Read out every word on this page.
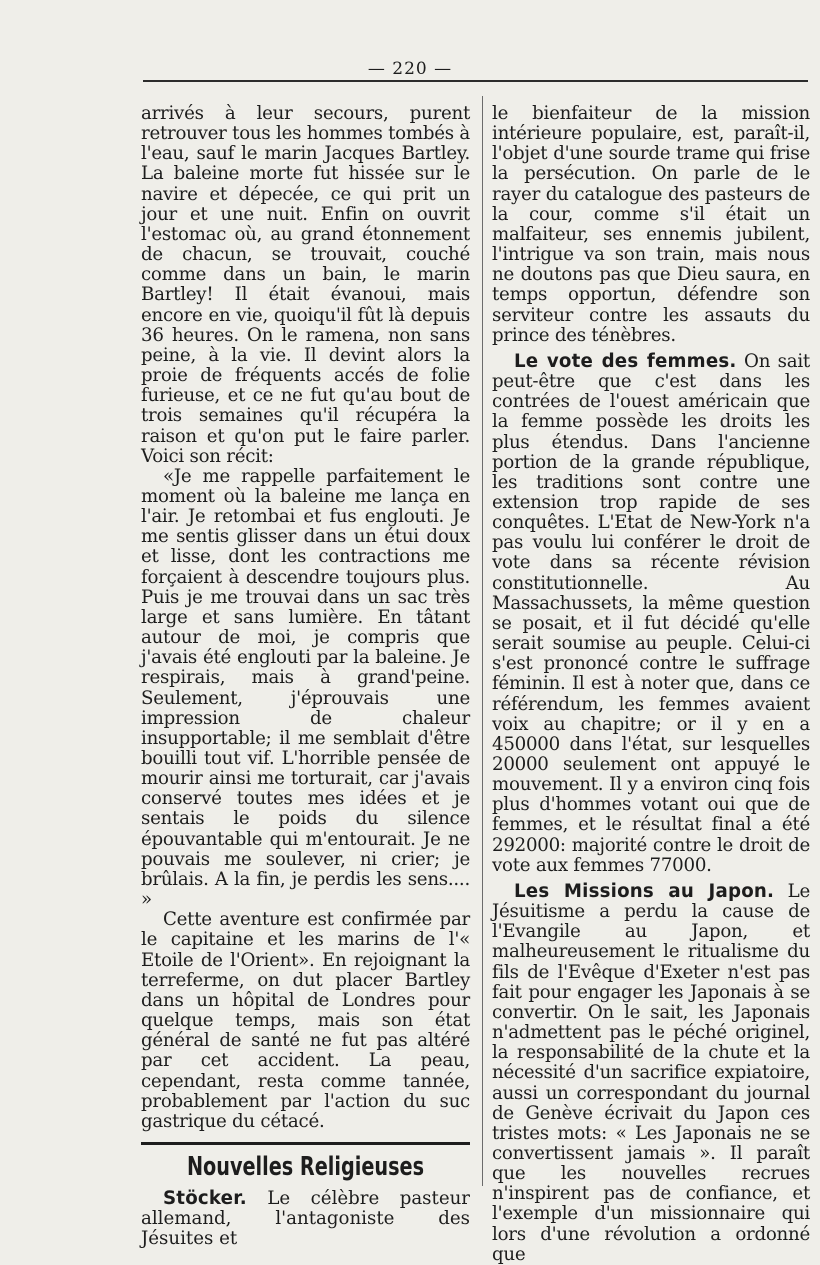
— 220 —

arrivés à leur secours, purent retrouver tous les hommes tombés à l'eau, sauf le marin Jacques Bartley. La baleine morte fut hissée sur le navire et dépecée, ce qui prit un jour et une nuit. Enfin on ouvrit l'estomac où, au grand étonnement de chacun, se trouvait, couché comme dans un bain, le marin Bartley! Il était évanoui, mais encore en vie, quoiqu'il fût là depuis 36 heures. On le ramena, non sans peine, à la vie. Il devint alors la proie de fréquents accés de folie furieuse, et ce ne fut qu'au bout de trois semaines qu'il récupéra la raison et qu'on put le faire parler. Voici son récit:

«Je me rappelle parfaitement le moment où la baleine me lança en l'air. Je retombai et fus englouti. Je me sentis glisser dans un étui doux et lisse, dont les contractions me forçaient à descendre toujours plus. Puis je me trouvai dans un sac très large et sans lumière. En tâtant autour de moi, je compris que j'avais été englouti par la baleine. Je respirais, mais à grand'peine. Seulement, j'éprouvais une impression de chaleur insupportable; il me semblait d'être bouilli tout vif. L'horrible pensée de mourir ainsi me torturait, car j'avais conservé toutes mes idées et je sentais le poids du silence épouvantable qui m'entourait. Je ne pouvais me soulever, ni crier; je brûlais. A la fin, je perdis les sens.... »

Cette aventure est confirmée par le capitaine et les marins de l'« Etoile de l'Orient». En rejoignant la terreferme, on dut placer Bartley dans un hôpital de Londres pour quelque temps, mais son état général de santé ne fut pas altéré par cet accident. La peau, cependant, resta comme tannée, probablement par l'action du suc gastrique du cétacé.

Nouvelles Religieuses

Stöcker. Le célèbre pasteur allemand, l'antagoniste des Jésuites et

le bienfaiteur de la mission intérieure populaire, est, paraît-il, l'objet d'une sourde trame qui frise la persécution. On parle de le rayer du catalogue des pasteurs de la cour, comme s'il était un malfaiteur, ses ennemis jubilent, l'intrigue va son train, mais nous ne doutons pas que Dieu saura, en temps opportun, défendre son serviteur contre les assauts du prince des ténèbres.

Le vote des femmes. On sait peut-être que c'est dans les contrées de l'ouest américain que la femme possède les droits les plus étendus. Dans l'ancienne portion de la grande république, les traditions sont contre une extension trop rapide de ses conquêtes. L'Etat de New-York n'a pas voulu lui conférer le droit de vote dans sa récente révision constitutionnelle. Au Massachussets, la même question se posait, et il fut décidé qu'elle serait soumise au peuple. Celui-ci s'est prononcé contre le suffrage féminin. Il est à noter que, dans ce référendum, les femmes avaient voix au chapitre; or il y en a 450000 dans l'état, sur lesquelles 20000 seulement ont appuyé le mouvement. Il y a environ cinq fois plus d'hommes votant oui que de femmes, et le résultat final a été 292000: majorité contre le droit de vote aux femmes 77000.

Les Missions au Japon. Le Jésuitisme a perdu la cause de l'Evangile au Japon, et malheureusement le ritualisme du fils de l'Evêque d'Exeter n'est pas fait pour engager les Japonais à se convertir. On le sait, les Japonais n'admettent pas le péché originel, la responsabilité de la chute et la nécessité d'un sacrifice expiatoire, aussi un correspondant du journal de Genève écrivait du Japon ces tristes mots: « Les Japonais ne se convertissent jamais ». Il paraît que les nouvelles recrues n'inspirent pas de confiance, et l'exemple d'un missionnaire qui lors d'une révolution a ordonné que
